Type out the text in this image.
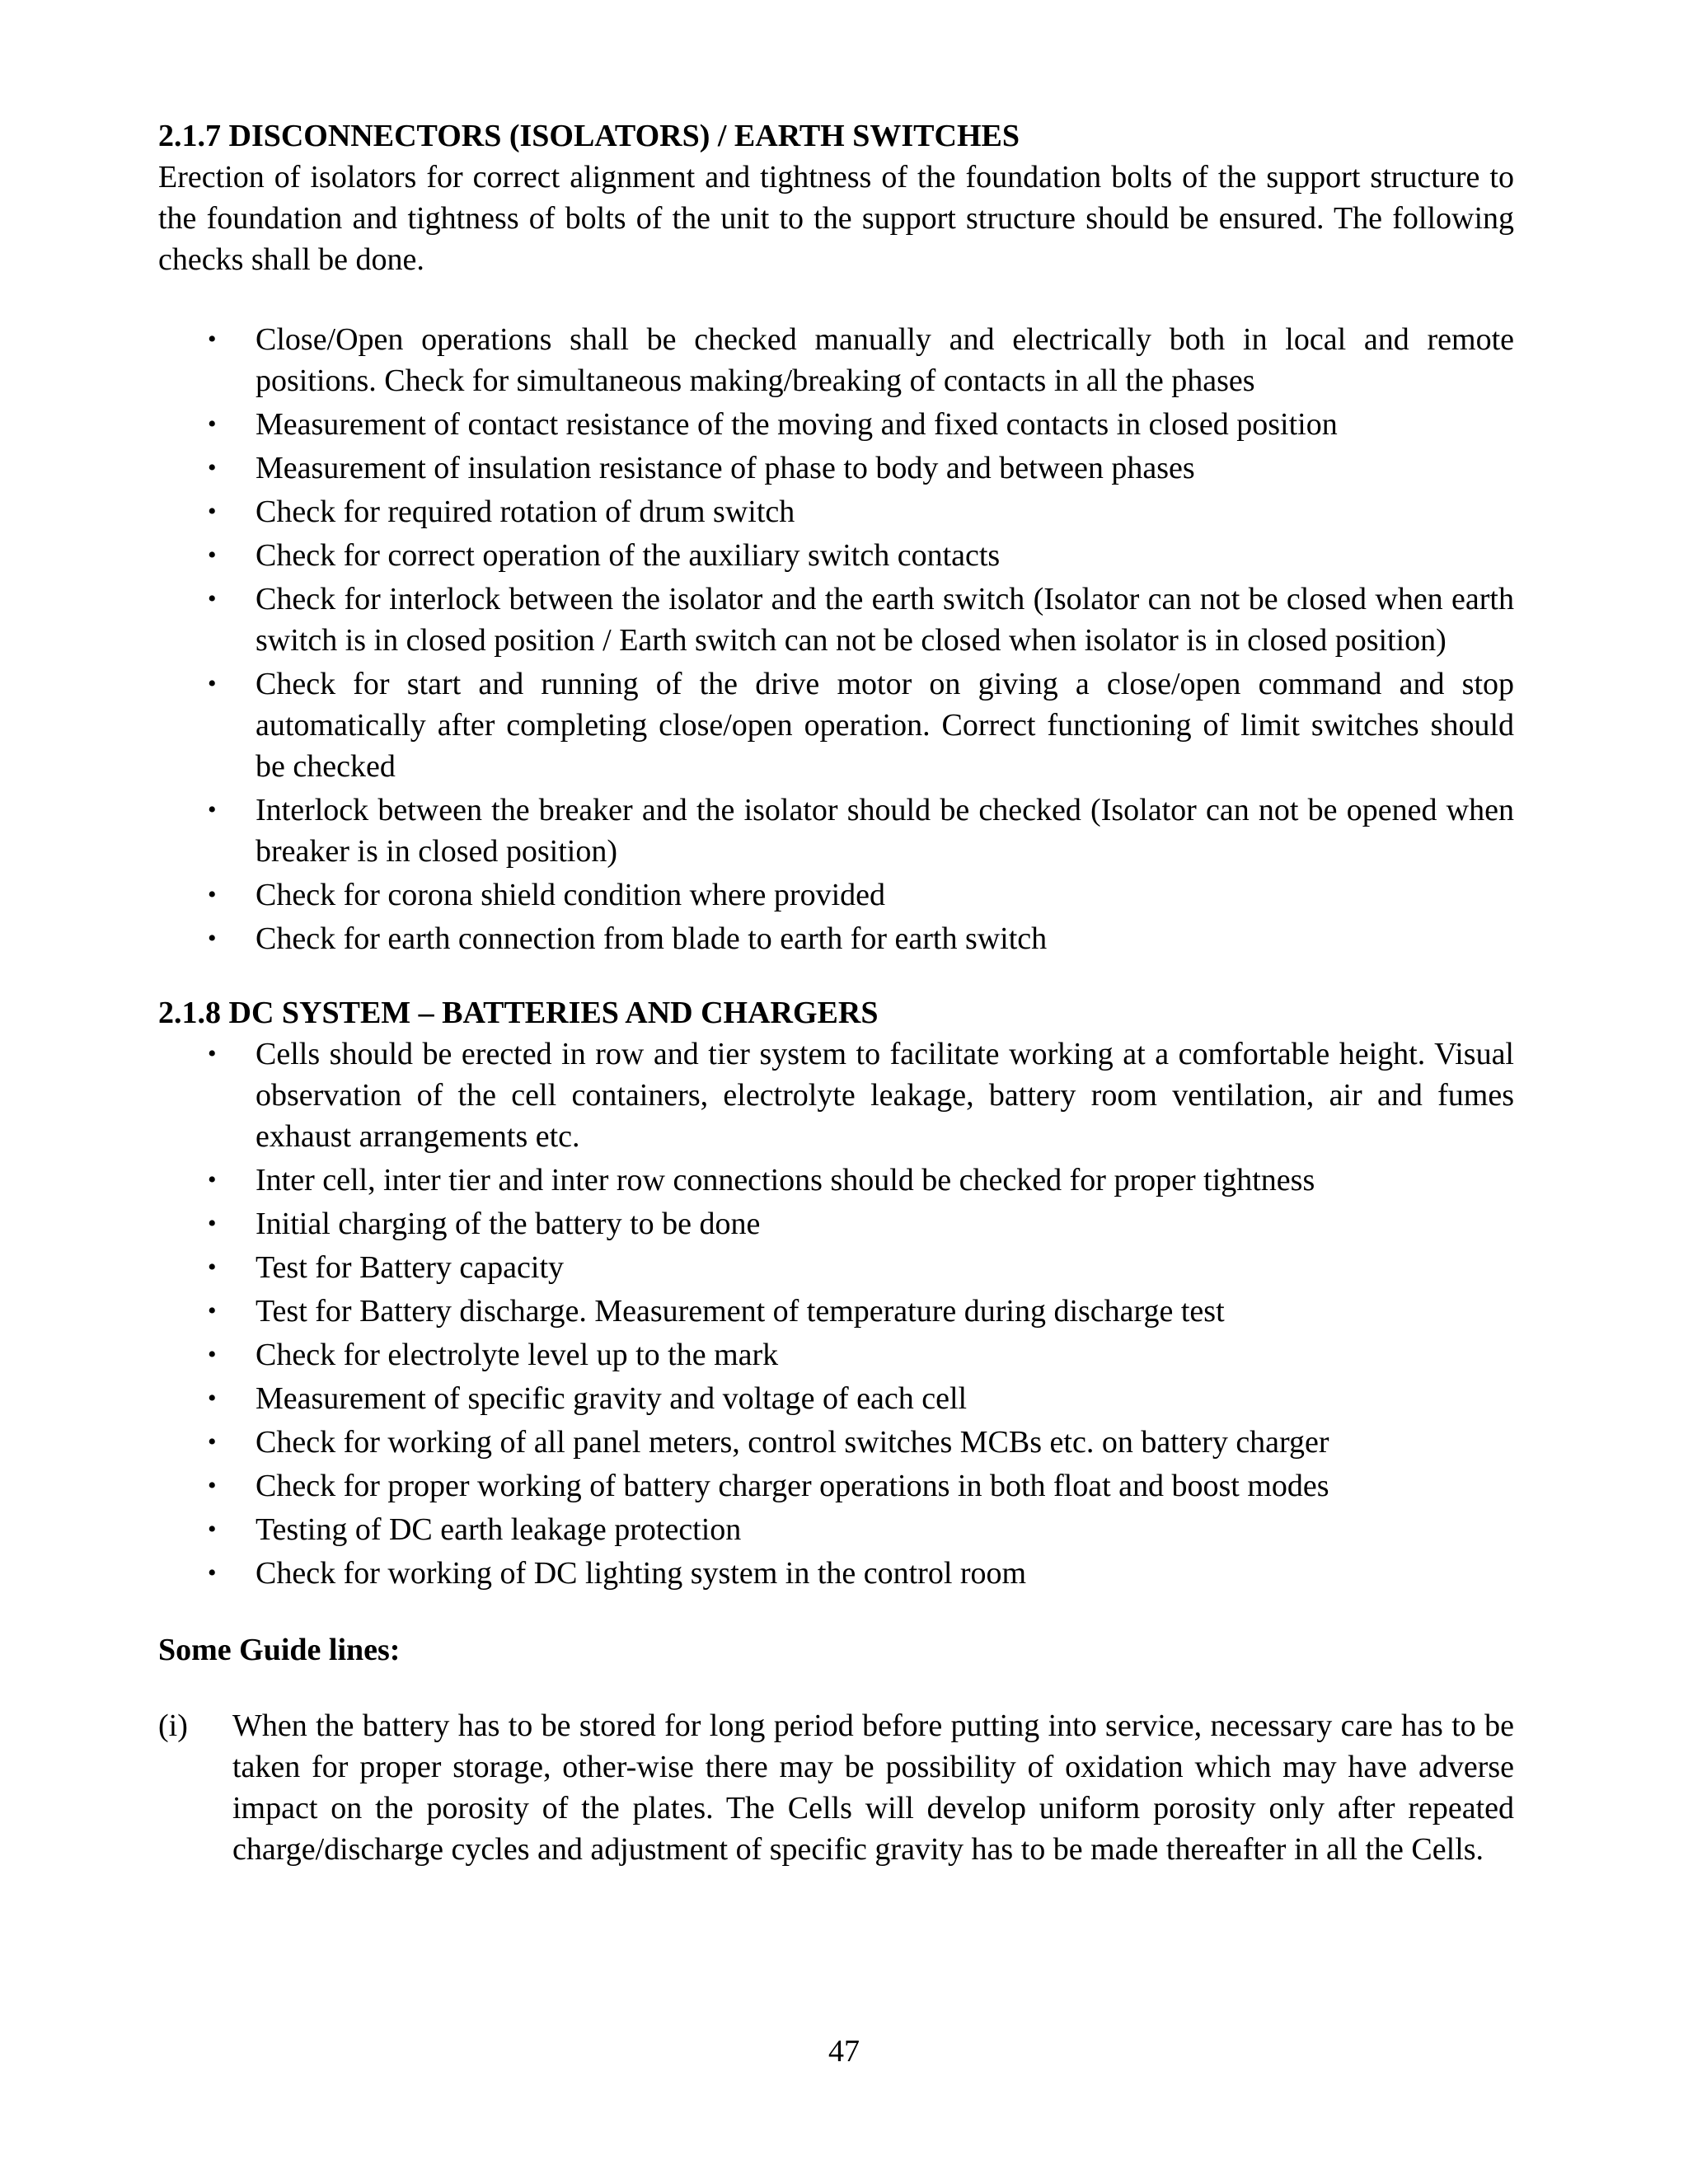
2.1.7 DISCONNECTORS (ISOLATORS) / EARTH SWITCHES

Erection of isolators for correct alignment and tightness of the foundation bolts of the support structure to the foundation and tightness of bolts of the unit to the support structure should be ensured. The following checks shall be done.

• Close/Open operations shall be checked manually and electrically both in local and remote positions. Check for simultaneous making/breaking of contacts in all the phases
• Measurement of contact resistance of the moving and fixed contacts in closed position
• Measurement of insulation resistance of phase to body and between phases
• Check for required rotation of drum switch
• Check for correct operation of the auxiliary switch contacts
• Check for interlock between the isolator and the earth switch (Isolator can not be closed when earth switch is in closed position / Earth switch can not be closed when isolator is in closed position)
• Check for start and running of the drive motor on giving a close/open command and stop automatically after completing close/open operation. Correct functioning of limit switches should be checked
• Interlock between the breaker and the isolator should be checked (Isolator can not be opened when breaker is in closed position)
• Check for corona shield condition where provided
• Check for earth connection from blade to earth for earth switch
2.1.8 DC SYSTEM – BATTERIES AND CHARGERS
• Cells should be erected in row and tier system to facilitate working at a comfortable height. Visual observation of the cell containers, electrolyte leakage, battery room ventilation, air and fumes exhaust arrangements etc.
• Inter cell, inter tier and inter row connections should be checked for proper tightness
• Initial charging of the battery to be done
• Test for Battery capacity
• Test for Battery discharge. Measurement of temperature during discharge test
• Check for electrolyte level up to the mark
• Measurement of specific gravity and voltage of each cell
• Check for working of all panel meters, control switches MCBs etc. on battery charger
• Check for proper working of battery charger operations in both float and boost modes
• Testing of DC earth leakage protection
• Check for working of DC lighting system in the control room
Some Guide lines:
(i) When the battery has to be stored for long period before putting into service, necessary care has to be taken for proper storage, other-wise there may be possibility of oxidation which may have adverse impact on the porosity of the plates. The Cells will develop uniform porosity only after repeated charge/discharge cycles and adjustment of specific gravity has to be made thereafter in all the Cells.
47
